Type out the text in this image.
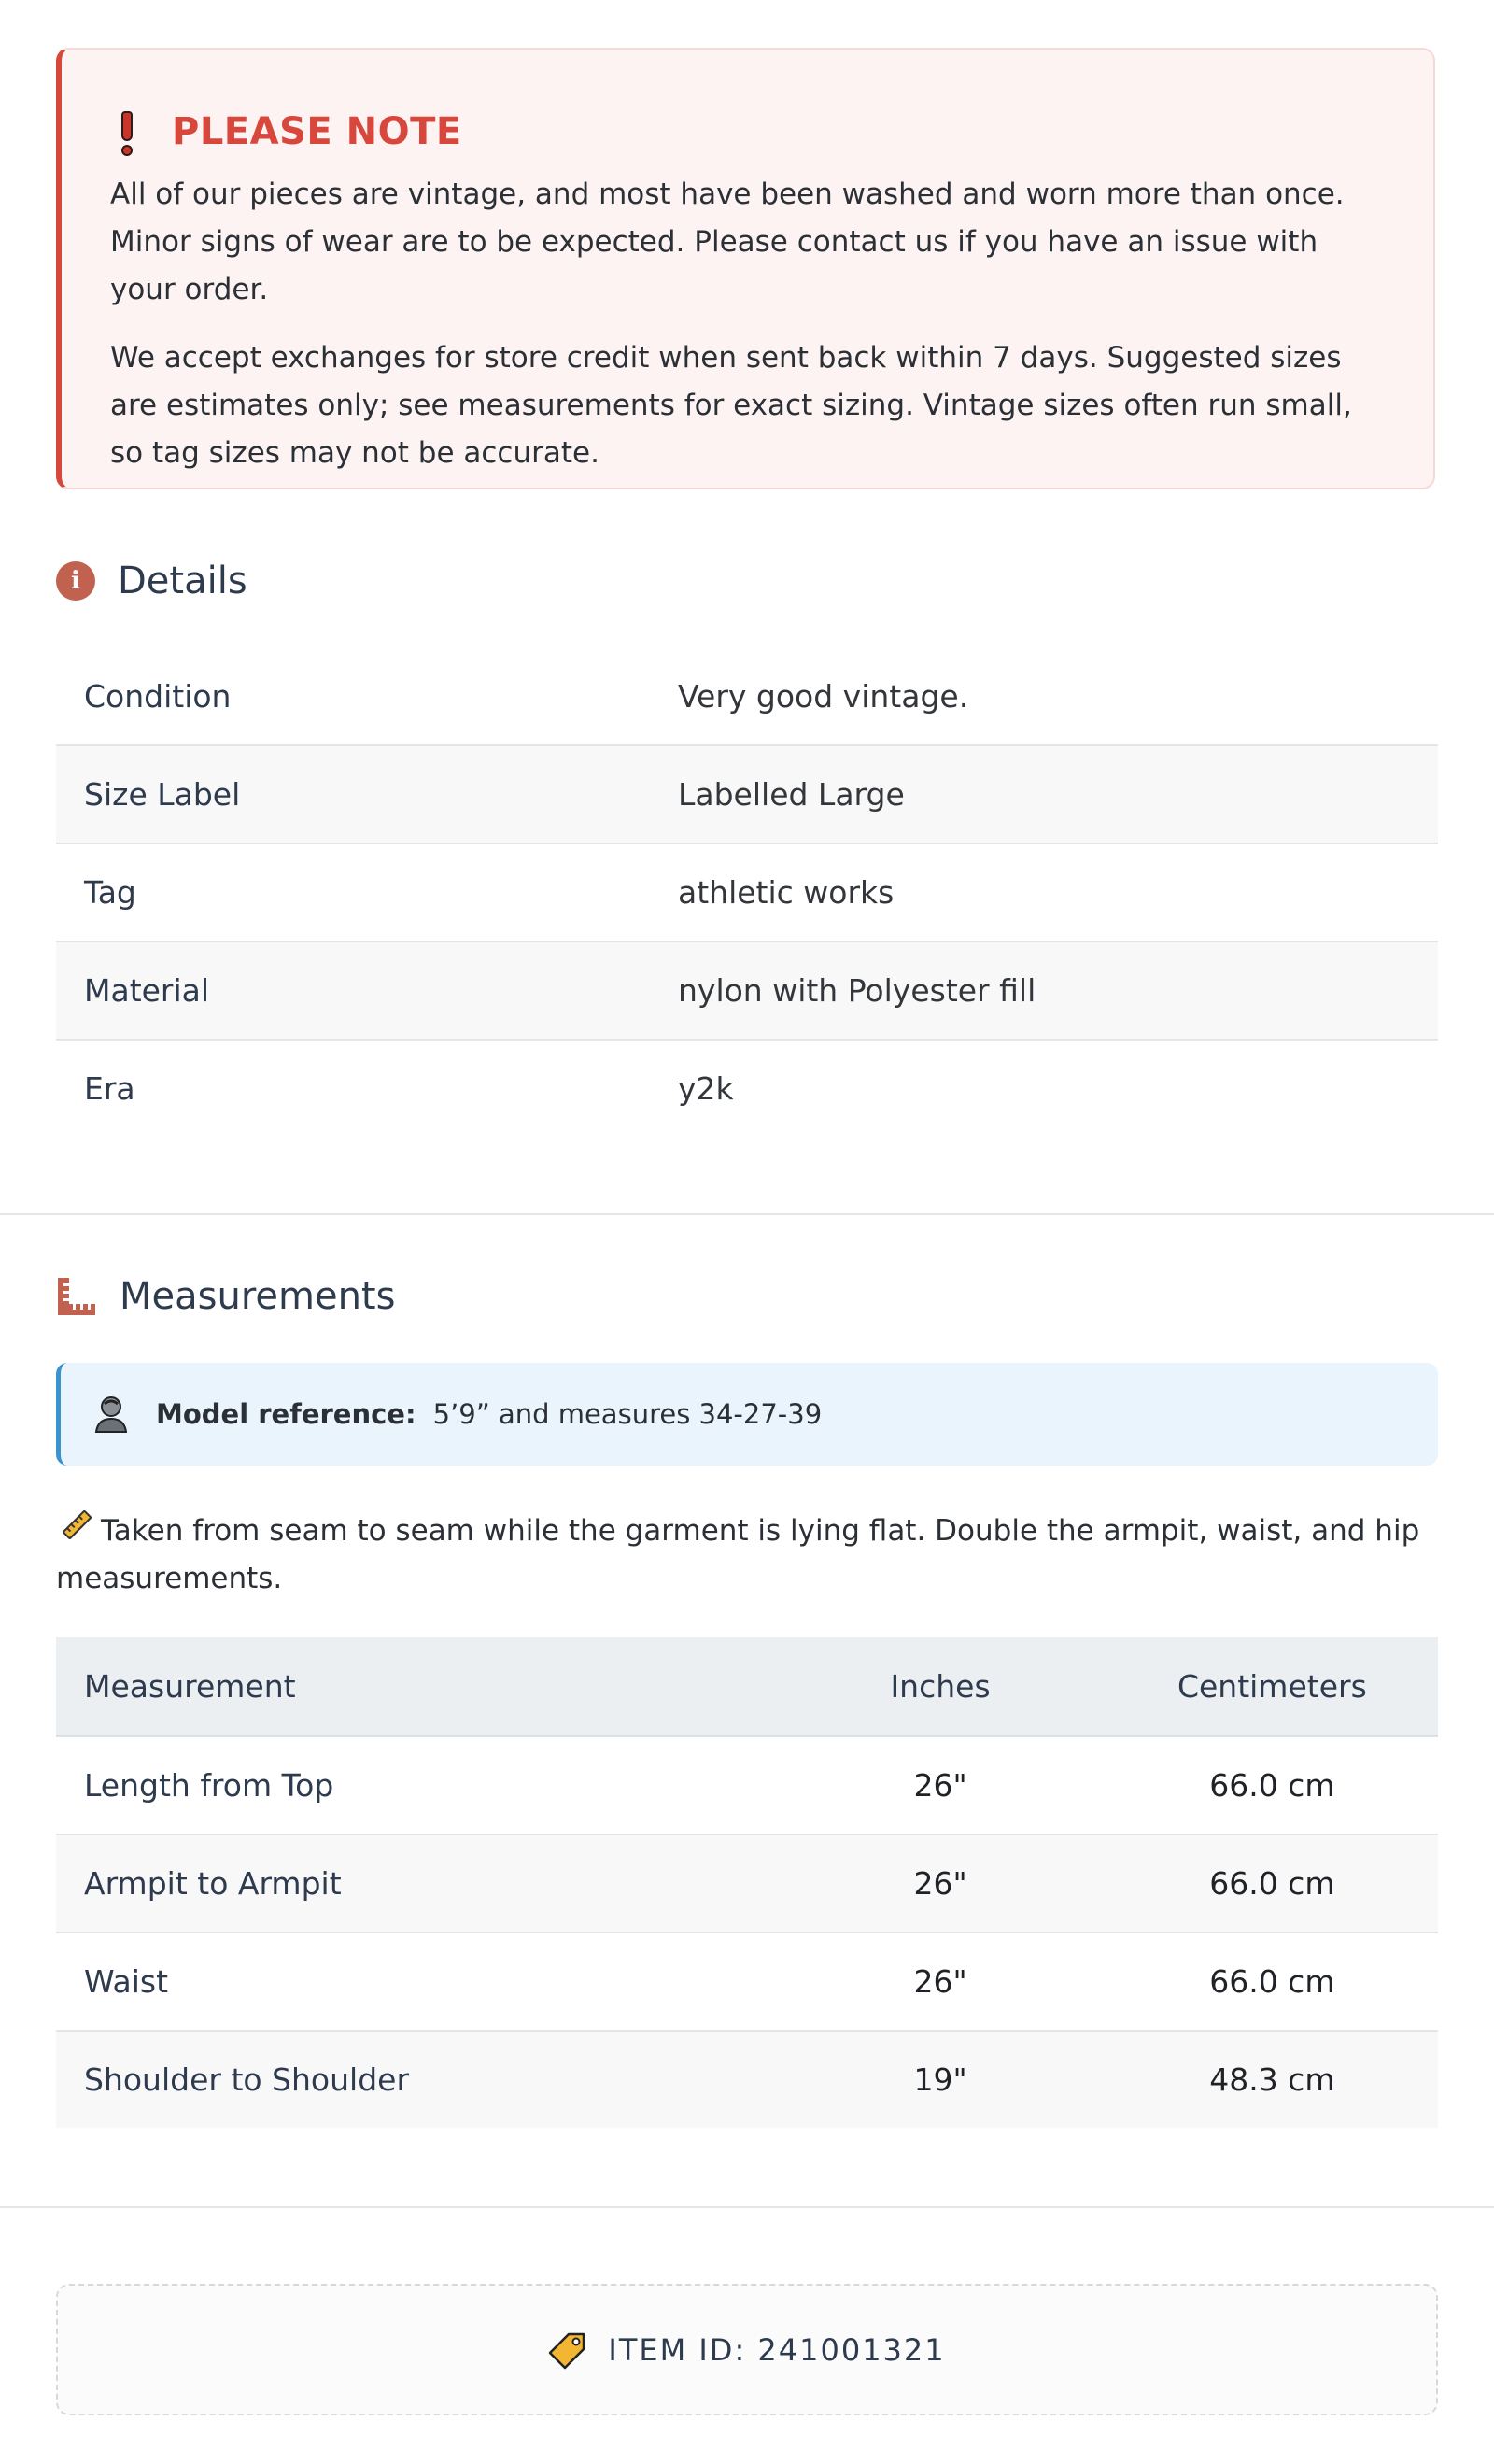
PLEASE NOTE

All of our pieces are vintage, and most have been washed and worn more than once. Minor signs of wear are to be expected. Please contact us if you have an issue with your order.

We accept exchanges for store credit when sent back within 7 days. Suggested sizes are estimates only; see measurements for exact sizing. Vintage sizes often run small, so tag sizes may not be accurate.

i	Details
Condition	Very good vintage.
Size Label	Labelled Large
Tag	athletic works
Material	nylon with Polyester fill
Era	y2k
Measurements
Model reference: 5’9” and measures 34-27-39
Taken from seam to seam while the garment is lying flat. Double the armpit, waist, and hip measurements.
Measurement	Inches	Centimeters
Length from Top	26"	66.0 cm
Armpit to Armpit	26"	66.0 cm
Waist	26"	66.0 cm
Shoulder to Shoulder	19"	48.3 cm
ITEM ID: 241001321
